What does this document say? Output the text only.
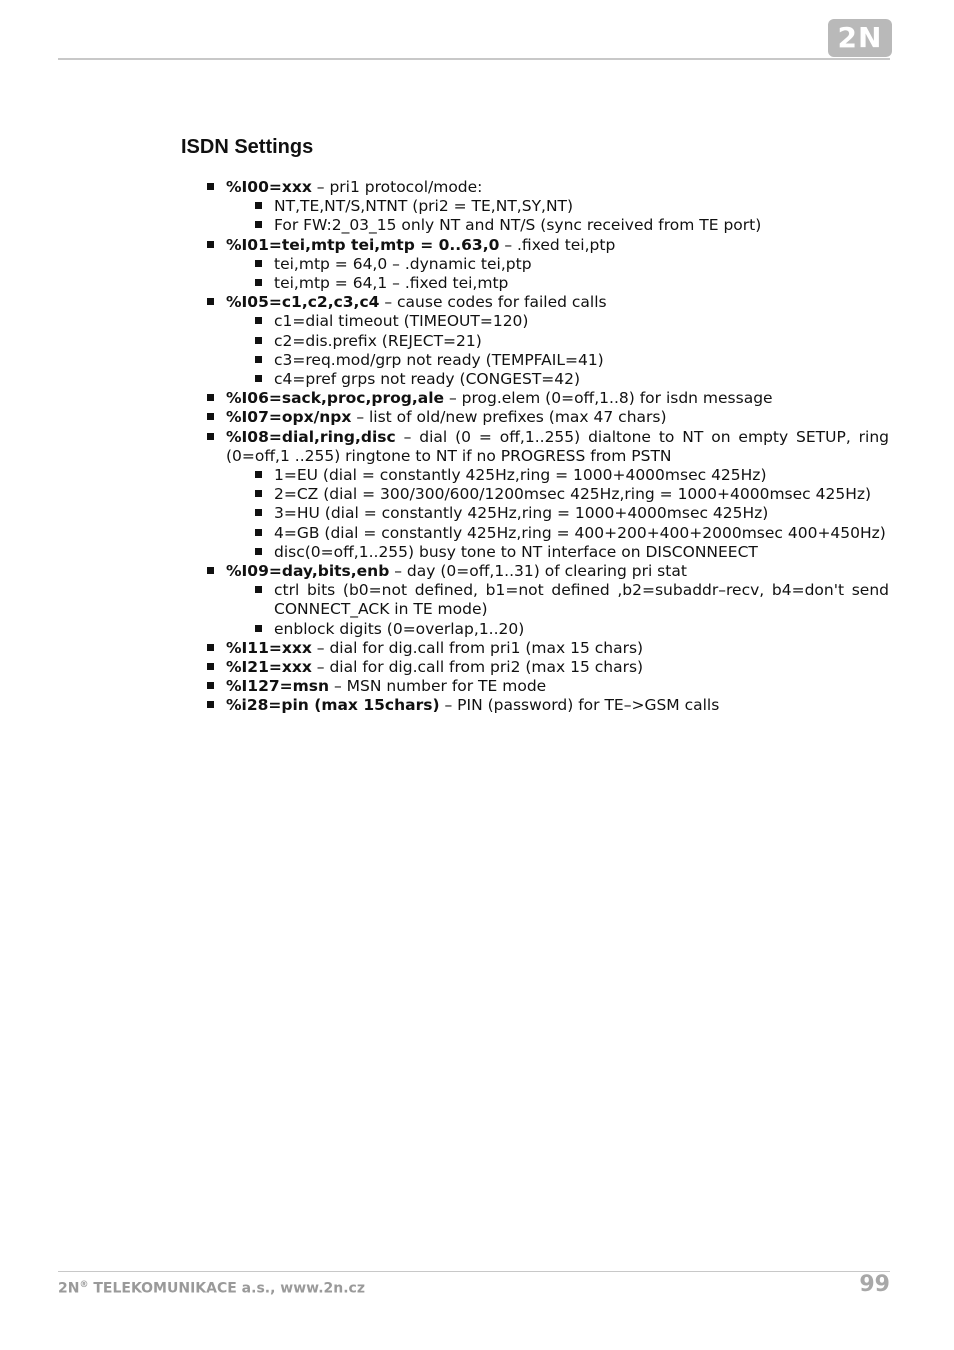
2N
ISDN Settings
%I00=xxx – pri1 protocol/mode:
NT,TE,NT/S,NTNT (pri2 = TE,NT,SY,NT)
For FW:2_03_15 only NT and NT/S (sync received from TE port)
%I01=tei,mtp tei,mtp = 0..63,0 – .fixed tei,ptp
tei,mtp = 64,0 – .dynamic tei,ptp
tei,mtp = 64,1 – .fixed tei,mtp
%I05=c1,c2,c3,c4 – cause codes for failed calls
c1=dial timeout (TIMEOUT=120)
c2=dis.prefix (REJECT=21)
c3=req.mod/grp not ready (TEMPFAIL=41)
c4=pref grps not ready (CONGEST=42)
%I06=sack,proc,prog,ale – prog.elem (0=off,1..8) for isdn message
%I07=opx/npx – list of old/new prefixes (max 47 chars)
%I08=dial,ring,disc – dial (0 = off,1..255) dialtone to NT on empty SETUP, ring (0=off,1 ..255) ringtone to NT if no PROGRESS from PSTN
1=EU (dial = constantly 425Hz,ring = 1000+4000msec 425Hz)
2=CZ (dial = 300/300/600/1200msec 425Hz,ring = 1000+4000msec 425Hz)
3=HU (dial = constantly 425Hz,ring = 1000+4000msec 425Hz)
4=GB (dial = constantly 425Hz,ring = 400+200+400+2000msec 400+450Hz)
disc(0=off,1..255) busy tone to NT interface on DISCONNEECT
%I09=day,bits,enb – day (0=off,1..31) of clearing pri stat
ctrl bits (b0=not defined, b1=not defined ,b2=subaddr–recv, b4=don't send CONNECT_ACK in TE mode)
enblock digits (0=overlap,1..20)
%I11=xxx – dial for dig.call from pri1 (max 15 chars)
%I21=xxx – dial for dig.call from pri2 (max 15 chars)
%I127=msn – MSN number for TE mode
%i28=pin (max 15chars) – PIN (password) for TE–>GSM calls
2N® TELEKOMUNIKACE a.s., www.2n.cz	99
